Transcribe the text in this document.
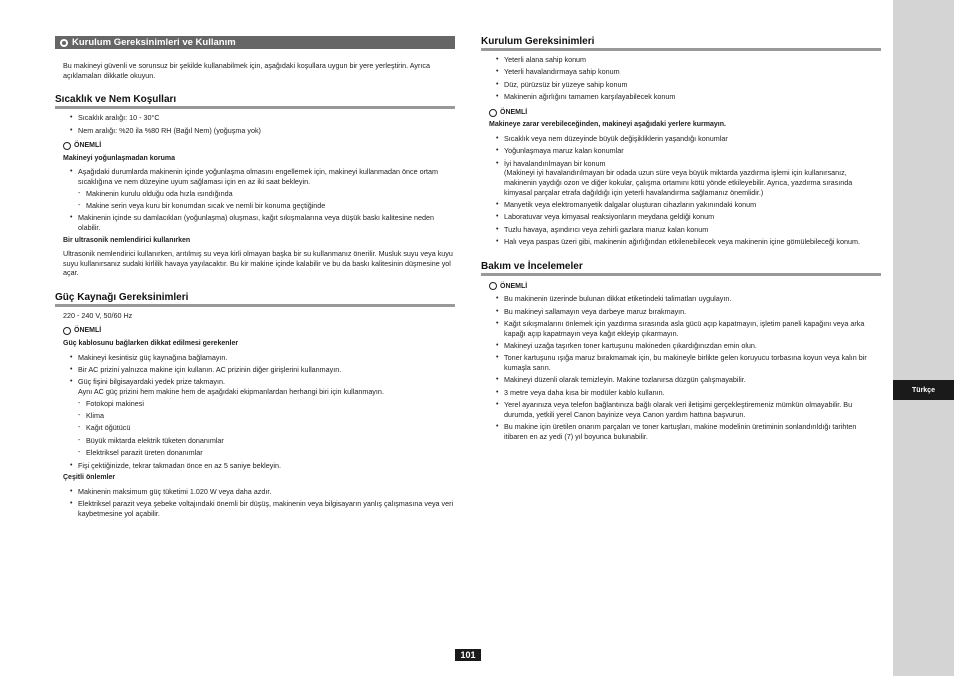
Türkçe
Kurulum Gereksinimleri ve Kullanım

Bu makineyi güvenli ve sorunsuz bir şekilde kullanabilmek için, aşağıdaki koşullara uygun bir yere yerleştirin. Ayrıca açıklamaları dikkatle okuyun.

Sıcaklık ve Nem Koşulları
• Sıcaklık aralığı: 10 - 30°C
• Nem aralığı: %20 ila %80 RH (Bağıl Nem) (yoğuşma yok)
ÖNEMLİ
Makineyi yoğunlaşmadan koruma
• Aşağıdaki durumlarda makinenin içinde yoğunlaşma olmasını engellemek için, makineyi kullanmadan önce ortam sıcaklığına ve nem düzeyine uyum sağlaması için en az iki saat bekleyin.
- Makinenin kurulu olduğu oda hızla ısındığında
- Makine serin veya kuru bir konumdan sıcak ve nemli bir konuma geçtiğinde
• Makinenin içinde su damlacıkları (yoğunlaşma) oluşması, kağıt sıkışmalarına veya düşük baskı kalitesine neden olabilir.
Bir ultrasonik nemlendirici kullanırken

Ultrasonik nemlendirici kullanırken, arıtılmış su veya kirli olmayan başka bir su kullanmanız önerilir. Musluk suyu veya kuyu suyu kullanırsanız sudaki kirlilik havaya yayılacaktır. Bu kir makine içinde kalabilir ve bu da baskı kalitesinin düşmesine yol açar.

Güç Kaynağı Gereksinimleri

220 - 240 V, 50/60 Hz

ÖNEMLİ
Güç kablosunu bağlarken dikkat edilmesi gerekenler
• Makineyi kesintisiz güç kaynağına bağlamayın.
• Bir AC prizini yalnızca makine için kullanın. AC prizinin diğer girişlerini kullanmayın.
• Güç fişini bilgisayardaki yedek prize takmayın.
Aynı AC güç prizini hem makine hem de aşağıdaki ekipmanlardan herhangi biri için kullanmayın.
- Fotokopi makinesi
- Klima
- Kağıt öğütücü
- Büyük miktarda elektrik tüketen donanımlar
- Elektriksel parazit üreten donanımlar
• Fişi çektiğinizde, tekrar takmadan önce en az 5 saniye bekleyin.
Çeşitli önlemler
• Makinenin maksimum güç tüketimi 1.020 W veya daha azdır.
• Elektriksel parazit veya şebeke voltajındaki önemli bir düşüş, makinenin veya bilgisayarın yanlış çalışmasına veya veri kaybetmesine yol açabilir.
Kurulum Gereksinimleri
• Yeterli alana sahip konum
• Yeterli havalandırmaya sahip konum
• Düz, pürüzsüz bir yüzeye sahip konum
• Makinenin ağırlığını tamamen karşılayabilecek konum
ÖNEMLİ
Makineye zarar verebileceğinden, makineyi aşağıdaki yerlere kurmayın.
• Sıcaklık veya nem düzeyinde büyük değişikliklerin yaşandığı konumlar
• Yoğunlaşmaya maruz kalan konumlar
• İyi havalandırılmayan bir konum
(Makineyi iyi havalandırılmayan bir odada uzun süre veya büyük miktarda yazdırma işlemi için kullanırsanız, makinenin yaydığı ozon ve diğer kokular, çalışma ortamını kötü yönde etkileyebilir. Ayrıca, yazdırma sırasında kimyasal parçalar etrafa dağıldığı için yeterli havalandırma sağlamanız önemlidir.)
• Manyetik veya elektromanyetik dalgalar oluşturan cihazların yakınındaki konum
• Laboratuvar veya kimyasal reaksiyonların meydana geldiği konum
• Tuzlu havaya, aşındırıcı veya zehirli gazlara maruz kalan konum
• Halı veya paspas üzeri gibi, makinenin ağırlığından etkilenebilecek veya makinenin içine gömülebileceği konum.
Bakım ve İncelemeler
ÖNEMLİ
• Bu makinenin üzerinde bulunan dikkat etiketindeki talimatları uygulayın.
• Bu makineyi sallamayın veya darbeye maruz bırakmayın.
• Kağıt sıkışmalarını önlemek için yazdırma sırasında asla gücü açıp kapatmayın, işletim paneli kapağını veya arka kapağı açıp kapatmayın veya kağıt ekleyip çıkarmayın.
• Makineyi uzağa taşırken toner kartuşunu makineden çıkardığınızdan emin olun.
• Toner kartuşunu ışığa maruz bırakmamak için, bu makineyle birlikte gelen koruyucu torbasına koyun veya kalın bir kumaşla sarın.
• Makineyi düzenli olarak temizleyin. Makine tozlanırsa düzgün çalışmayabilir.
• 3 metre veya daha kısa bir modüler kablo kullanın.
• Yerel ayarınıza veya telefon bağlantınıza bağlı olarak veri iletişimi gerçekleştiremeniz mümkün olmayabilir. Bu durumda, yetkili yerel Canon bayinize veya Canon yardım hattına başvurun.
• Bu makine için üretilen onarım parçaları ve toner kartuşları, makine modelinin üretiminin sonlandırıldığı tarihten itibaren en az yedi (7) yıl boyunca bulunabilir.
101
